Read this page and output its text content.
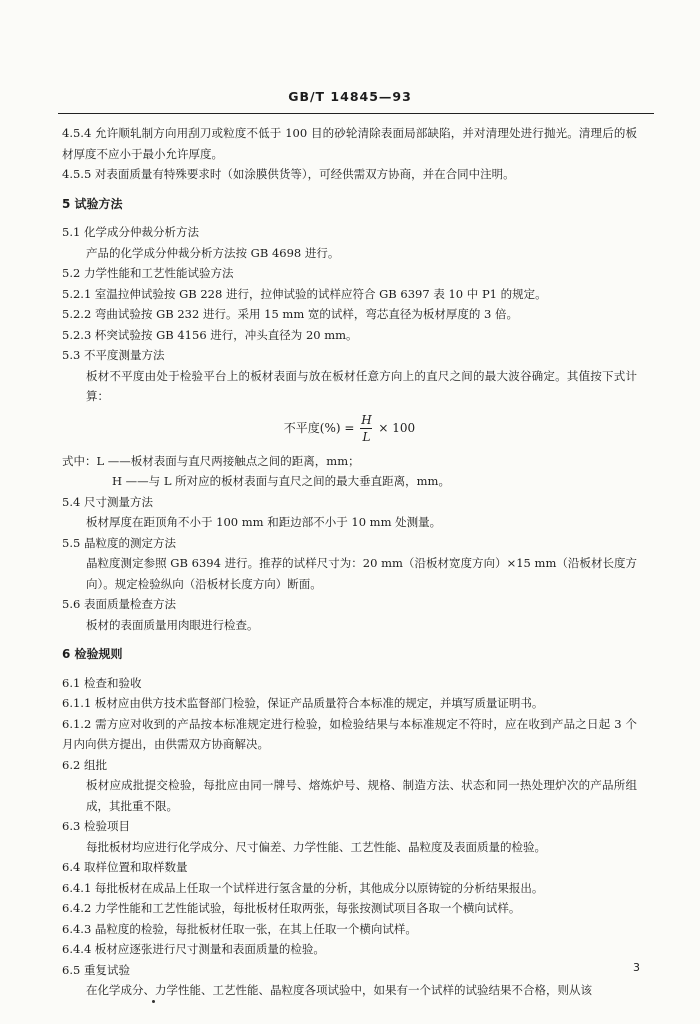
GB/T 14845—93

4.5.4 允许顺轧制方向用刮刀或粒度不低于 100 目的砂轮清除表面局部缺陷，并对清理处进行抛光。清理后的板材厚度不应小于最小允许厚度。

4.5.5 对表面质量有特殊要求时（如涂膜供货等），可经供需双方协商，并在合同中注明。

5 试验方法

5.1 化学成分仲裁分析方法

产品的化学成分仲裁分析方法按 GB 4698 进行。

5.2 力学性能和工艺性能试验方法

5.2.1 室温拉伸试验按 GB 228 进行，拉伸试验的试样应符合 GB 6397 表 10 中 P1 的规定。

5.2.2 弯曲试验按 GB 232 进行。采用 15 mm 宽的试样，弯芯直径为板材厚度的 3 倍。

5.2.3 杯突试验按 GB 4156 进行，冲头直径为 20 mm。

5.3 不平度测量方法

板材不平度由处于检验平台上的板材表面与放在板材任意方向上的直尺之间的最大波谷确定。其值按下式计算：

不平度(%) = $\frac{H}{L} \times 100$

式中：L ——板材表面与直尺两接触点之间的距离，mm；

H ——与 L 所对应的板材表面与直尺之间的最大垂直距离，mm。

5.4 尺寸测量方法

板材厚度在距顶角不小于 100 mm 和距边部不小于 10 mm 处测量。

5.5 晶粒度的测定方法

晶粒度测定参照 GB 6394 进行。推荐的试样尺寸为：20 mm（沿板材宽度方向）×15 mm（沿板材长度方向）。规定检验纵向（沿板材长度方向）断面。

5.6 表面质量检查方法

板材的表面质量用肉眼进行检查。

6 检验规则

6.1 检查和验收

6.1.1 板材应由供方技术监督部门检验，保证产品质量符合本标准的规定，并填写质量证明书。

6.1.2 需方应对收到的产品按本标准规定进行检验，如检验结果与本标准规定不符时，应在收到产品之日起 3 个月内向供方提出，由供需双方协商解决。

6.2 组批

板材应成批提交检验，每批应由同一牌号、熔炼炉号、规格、制造方法、状态和同一热处理炉次的产品所组成，其批重不限。

6.3 检验项目

每批板材均应进行化学成分、尺寸偏差、力学性能、工艺性能、晶粒度及表面质量的检验。

6.4 取样位置和取样数量

6.4.1 每批板材在成品上任取一个试样进行氢含量的分析，其他成分以原铸锭的分析结果报出。

6.4.2 力学性能和工艺性能试验，每批板材任取两张，每张按测试项目各取一个横向试样。

6.4.3 晶粒度的检验，每批板材任取一张，在其上任取一个横向试样。

6.4.4 板材应逐张进行尺寸测量和表面质量的检验。

6.5 重复试验

在化学成分、力学性能、工艺性能、晶粒度各项试验中，如果有一个试样的试验结果不合格，则从该

3
